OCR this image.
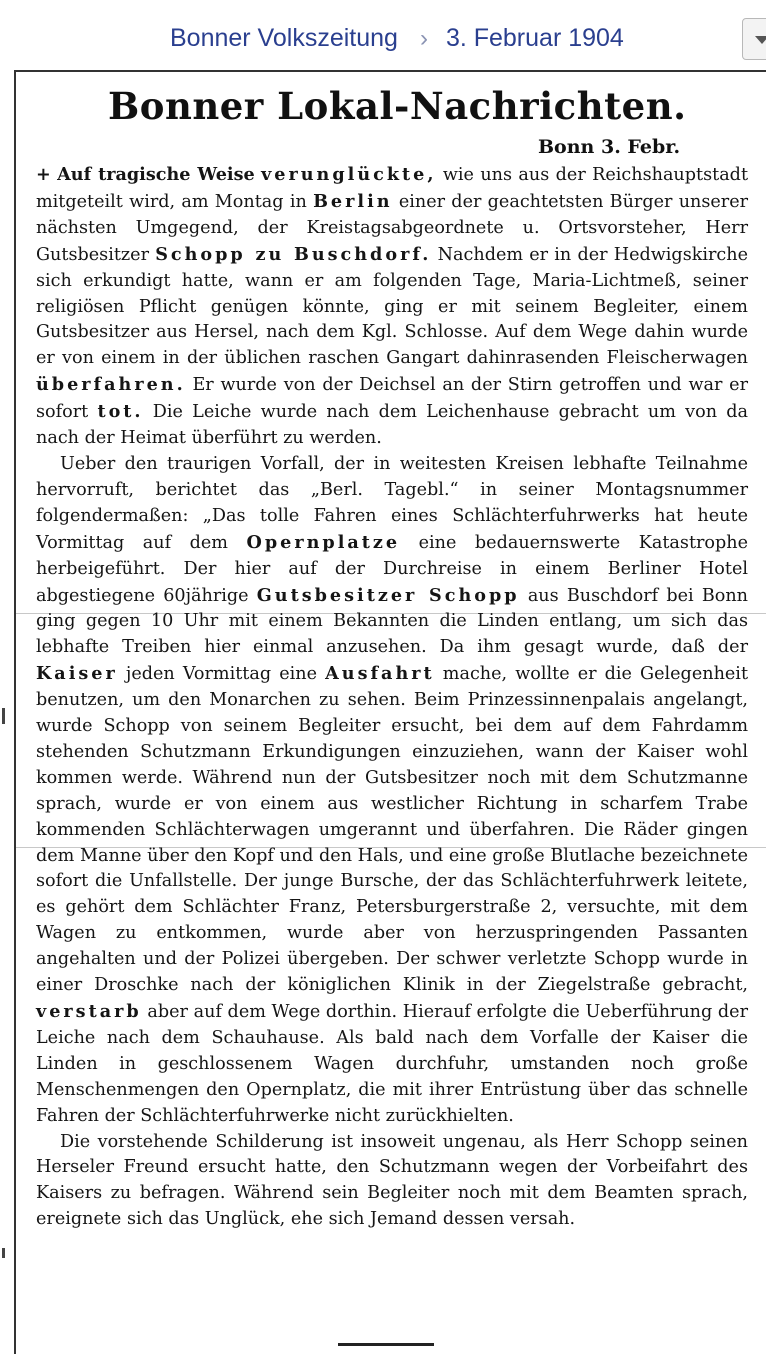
Bonner Volkszeitung › 3. Februar 1904
Bonner Lokal-Nachrichten.
Bonn 3. Febr.

+ Auf tragische Weise verunglückte, wie uns aus der Reichshauptstadt mitgeteilt wird, am Montag in Berlin einer der geachtetsten Bürger unserer nächsten Umgegend, der Kreistagsabgeordnete u. Ortsvorsteher, Herr Gutsbesitzer Schopp zu Buschdorf. Nachdem er in der Hedwigskirche sich erkundigt hatte, wann er am folgenden Tage, Maria-Lichtmeß, seiner religiösen Pflicht genügen könnte, ging er mit seinem Begleiter, einem Gutsbesitzer aus Hersel, nach dem Kgl. Schlosse. Auf dem Wege dahin wurde er von einem in der üblichen raschen Gangart dahinrasenden Fleischerwagen überfahren. Er wurde von der Deichsel an der Stirn getroffen und war er sofort tot. Die Leiche wurde nach dem Leichenhause gebracht um von da nach der Heimat überführt zu werden.

Ueber den traurigen Vorfall, der in weitesten Kreisen lebhafte Teilnahme hervorruft, berichtet das „Berl. Tagebl.“ in seiner Montagsnummer folgendermaßen: „Das tolle Fahren eines Schlächterfuhrwerks hat heute Vormittag auf dem Opernplatze eine bedauernswerte Katastrophe herbeigeführt. Der hier auf der Durchreise in einem Berliner Hotel abgestiegene 60jährige Gutsbesitzer Schopp aus Buschdorf bei Bonn ging gegen 10 Uhr mit einem Bekannten die Linden entlang, um sich das lebhafte Treiben hier einmal anzusehen. Da ihm gesagt wurde, daß der Kaiser jeden Vormittag eine Ausfahrt mache, wollte er die Gelegenheit benutzen, um den Monarchen zu sehen. Beim Prinzessinnenpalais angelangt, wurde Schopp von seinem Begleiter ersucht, bei dem auf dem Fahrdamm stehenden Schutzmann Erkundigungen einzuziehen, wann der Kaiser wohl kommen werde. Während nun der Gutsbesitzer noch mit dem Schutzmanne sprach, wurde er von einem aus westlicher Richtung in scharfem Trabe kommenden Schlächterwagen umgerannt und überfahren. Die Räder gingen dem Manne über den Kopf und den Hals, und eine große Blutlache bezeichnete sofort die Unfallstelle. Der junge Bursche, der das Schlächterfuhrwerk leitete, es gehört dem Schlächter Franz, Petersburgerstraße 2, versuchte, mit dem Wagen zu entkommen, wurde aber von herzuspringenden Passanten angehalten und der Polizei übergeben. Der schwer verletzte Schopp wurde in einer Droschke nach der königlichen Klinik in der Ziegelstraße gebracht, verstarb aber auf dem Wege dorthin. Hierauf erfolgte die Ueberführung der Leiche nach dem Schauhause. Als bald nach dem Vorfalle der Kaiser die Linden in geschlossenem Wagen durchfuhr, umstanden noch große Menschenmengen den Opernplatz, die mit ihrer Entrüstung über das schnelle Fahren der Schlächterfuhrwerke nicht zurückhielten.

Die vorstehende Schilderung ist insoweit ungenau, als Herr Schopp seinen Herseler Freund ersucht hatte, den Schutzmann wegen der Vorbeifahrt des Kaisers zu befragen. Während sein Begleiter noch mit dem Beamten sprach, ereignete sich das Unglück, ehe sich Jemand dessen versah.
